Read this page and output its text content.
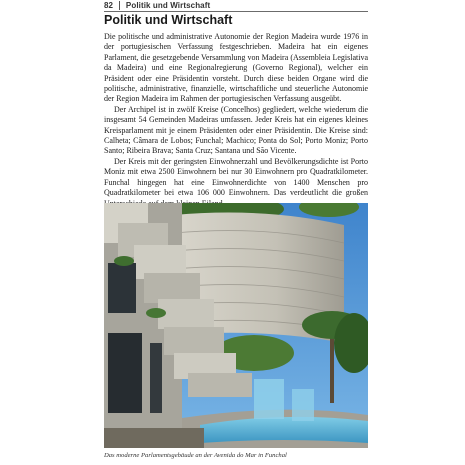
82 Politik und Wirtschaft
Politik und Wirtschaft

Die politische und administrative Autonomie der Region Madeira wurde 1976 in der portugiesischen Verfassung festgeschrieben. Madeira hat ein eigenes Parlament, die gesetzgebende Versammlung von Madeira (Assembleia Legislativa da Madeira) und eine Regionalregierung (Governo Regional), welcher ein Präsident oder eine Präsidentin vorsteht. Durch diese beiden Organe wird die politische, administrative, finanzielle, wirtschaftliche und steuerliche Autonomie der Region Madeira im Rahmen der portugiesischen Verfassung ausgeübt.

Der Archipel ist in zwölf Kreise (Concelhos) gegliedert, welche wiederum die insgesamt 54 Gemeinden Madeiras umfassen. Jeder Kreis hat ein eigenes kleines Kreisparlament mit je einem Präsidenten oder einer Präsidentin. Die Kreise sind: Calheta; Câmara de Lobos; Funchal; Machico; Ponta do Sol; Porto Moniz; Porto Santo; Ribeira Brava; Santa Cruz; Santana und São Vicente.

Der Kreis mit der geringsten Einwohnerzahl und Bevölkerungsdichte ist Porto Moniz mit etwa 2500 Einwohnern bei nur 30 Einwohnern pro Quadratkilometer. Funchal hingegen hat eine Einwohnerdichte von 1400 Menschen pro Quadratkilometer bei etwa 106 000 Einwohnern. Das verdeutlicht die großen

Das moderne Parlamentsgebäude an der Avenida do Mar in Funchal
